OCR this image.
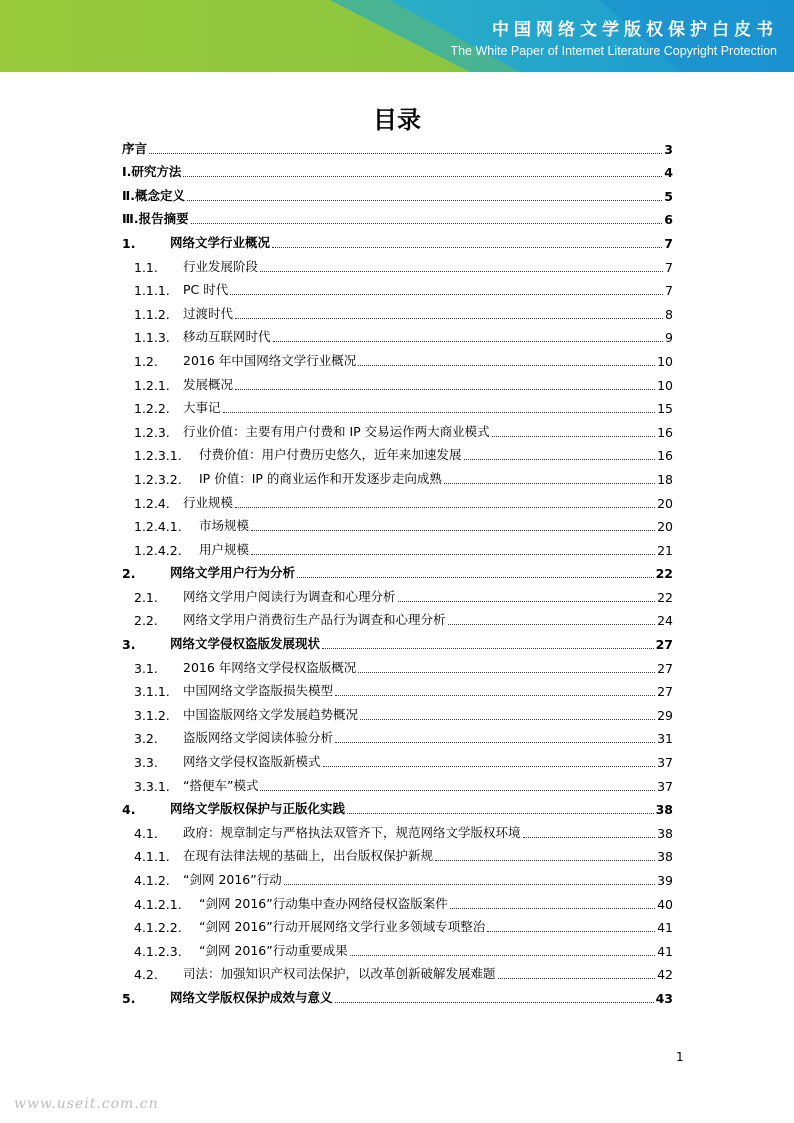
中国网络文学版权保护白皮书
The White Paper of Internet Literature Copyright Protection
目录
序言	3
Ⅰ.研究方法	4
Ⅱ.概念定义	5
Ⅲ.报告摘要	6
1.	网络文学行业概况	7
1.1.	行业发展阶段	7
1.1.1.	PC 时代	7
1.1.2.	过渡时代	8
1.1.3.	移动互联网时代	9
1.2.	2016 年中国网络文学行业概况	10
1.2.1.	发展概况	10
1.2.2.	大事记	15
1.2.3.	行业价值：主要有用户付费和 IP 交易运作两大商业模式	16
1.2.3.1.	付费价值：用户付费历史悠久，近年来加速发展	16
1.2.3.2.	IP 价值：IP 的商业运作和开发逐步走向成熟	18
1.2.4.	行业规模	20
1.2.4.1.	市场规模	20
1.2.4.2.	用户规模	21
2.	网络文学用户行为分析	22
2.1.	网络文学用户阅读行为调查和心理分析	22
2.2.	网络文学用户消费衍生产品行为调查和心理分析	24
3.	网络文学侵权盗版发展现状	27
3.1.	2016 年网络文学侵权盗版概况	27
3.1.1.	中国网络文学盗版损失模型	27
3.1.2.	中国盗版网络文学发展趋势概况	29
3.2.	盗版网络文学阅读体验分析	31
3.3.	网络文学侵权盗版新模式	37
3.3.1.	“搭便车”模式	37
4.	网络文学版权保护与正版化实践	38
4.1.	政府：规章制定与严格执法双管齐下，规范网络文学版权环境	38
4.1.1.	在现有法律法规的基础上，出台版权保护新规	38
4.1.2.	“剑网 2016”行动	39
4.1.2.1.	“剑网 2016”行动集中查办网络侵权盗版案件	40
4.1.2.2.	“剑网 2016”行动开展网络文学行业多领域专项整治	41
4.1.2.3.	“剑网 2016”行动重要成果	41
4.2.	司法：加强知识产权司法保护，以改革创新破解发展难题	42
5.	网络文学版权保护成效与意义	43
1
www.useit.com.cn
